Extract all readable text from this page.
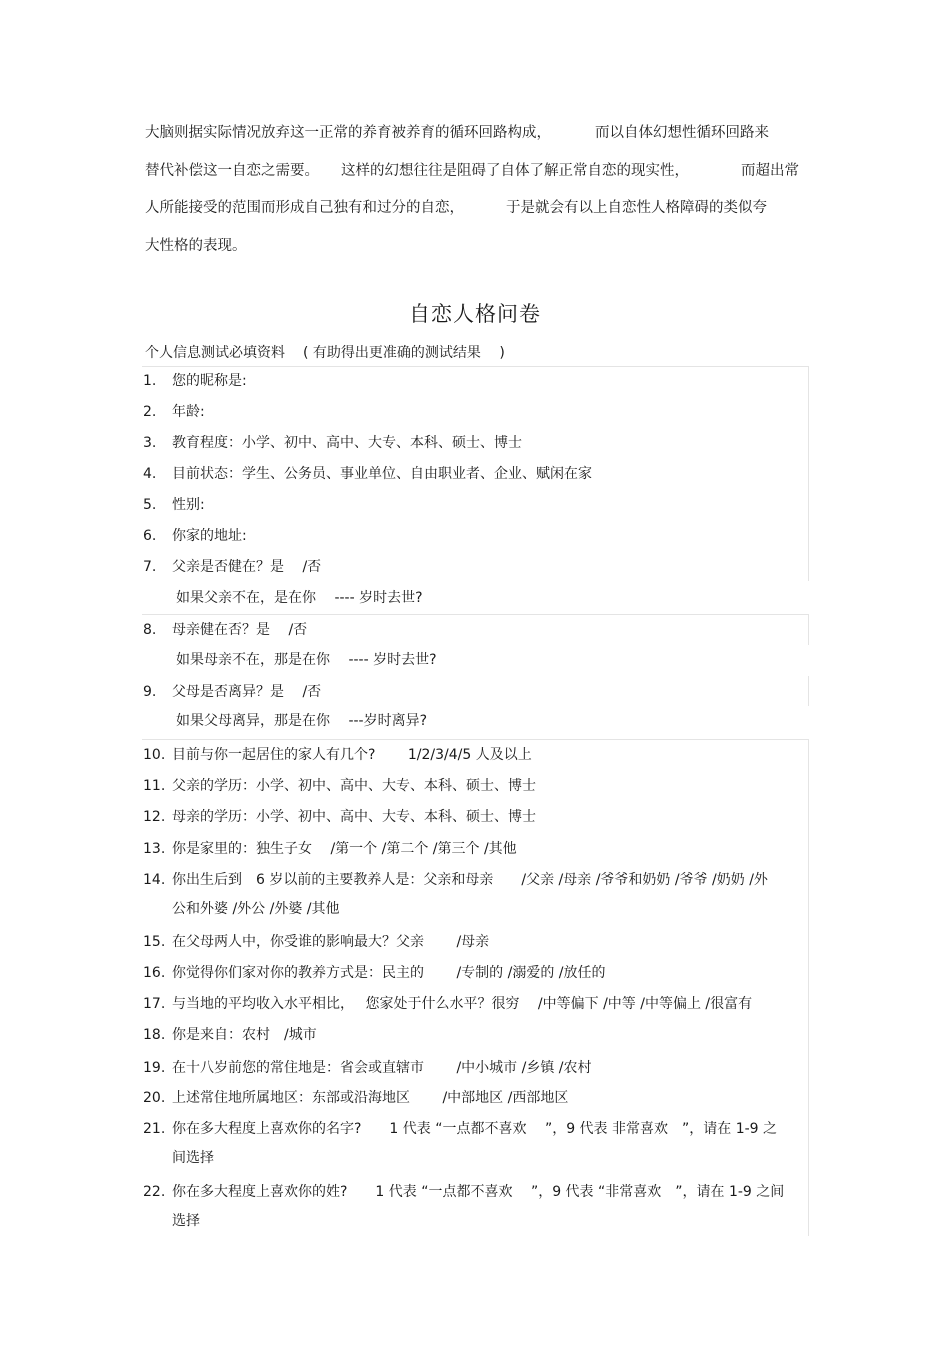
大脑则据实际情况放弃这一正常的养育被养育的循环回路构成，	而以自体幻想性循环回路来
替代补偿这一自恋之需要。 这样的幻想往往是阻碍了自体了解正常自恋的现实性，	而超出常
人所能接受的范围而形成自己独有和过分的自恋，	于是就会有以上自恋性人格障碍的类似夸
大性格的表现。
自恋人格问卷
个人信息测试必填资料 ( 有助得出更准确的测试结果　 )
1. 您的昵称是:
2. 年龄:
3. 教育程度：小学、初中、高中、大专、本科、硕士、博士
4. 目前状态：学生、公务员、事业单位、自由职业者、企业、赋闲在家
5. 性别:
6. 你家的地址:
7. 父亲是否健在？是　 /否
如果父亲不在，是在你　 ---- 岁时去世?
8. 母亲健在否？是　 /否
如果母亲不在，那是在你　 ---- 岁时去世?
9. 父母是否离异？是　 /否
如果父母离异，那是在你　 ---岁时离异?
10. 目前与你一起居住的家人有几个?　　 1/2/3/4/5 人及以上
11. 父亲的学历：小学、初中、高中、大专、本科、硕士、博士
12. 母亲的学历：小学、初中、高中、大专、本科、硕士、博士
13. 你是家里的：独生子女　 /第一个 /第二个 /第三个 /其他
14. 你出生后到　6 岁以前的主要教养人是：父亲和母亲　　/父亲 /母亲 /爷爷和奶奶 /爷爷 /奶奶 /外
公和外婆 /外公 /外婆 /其他
15. 在父母两人中，你受谁的影响最大？父亲　　 /母亲
16. 你觉得你们家对你的教养方式是：民主的　　 /专制的 /溺爱的 /放任的
17. 与当地的平均收入水平相比，　 您家处于什么水平？很穷　 /中等偏下 /中等 /中等偏上 /很富有
18. 你是来自：农村　/城市
19. 在十八岁前您的常住地是：省会或直辖市　　 /中小城市 /乡镇 /农村
20. 上述常住地所属地区：东部或沿海地区　　 /中部地区 /西部地区
21. 你在多大程度上喜欢你的名字?　　1 代表 “一点都不喜欢　 ”，9 代表 非常喜欢　”，请在 1-9 之
间选择
22. 你在多大程度上喜欢你的姓?　　1 代表 “一点都不喜欢　 ”，9 代表 “非常喜欢　”，请在 1-9 之间
选择
